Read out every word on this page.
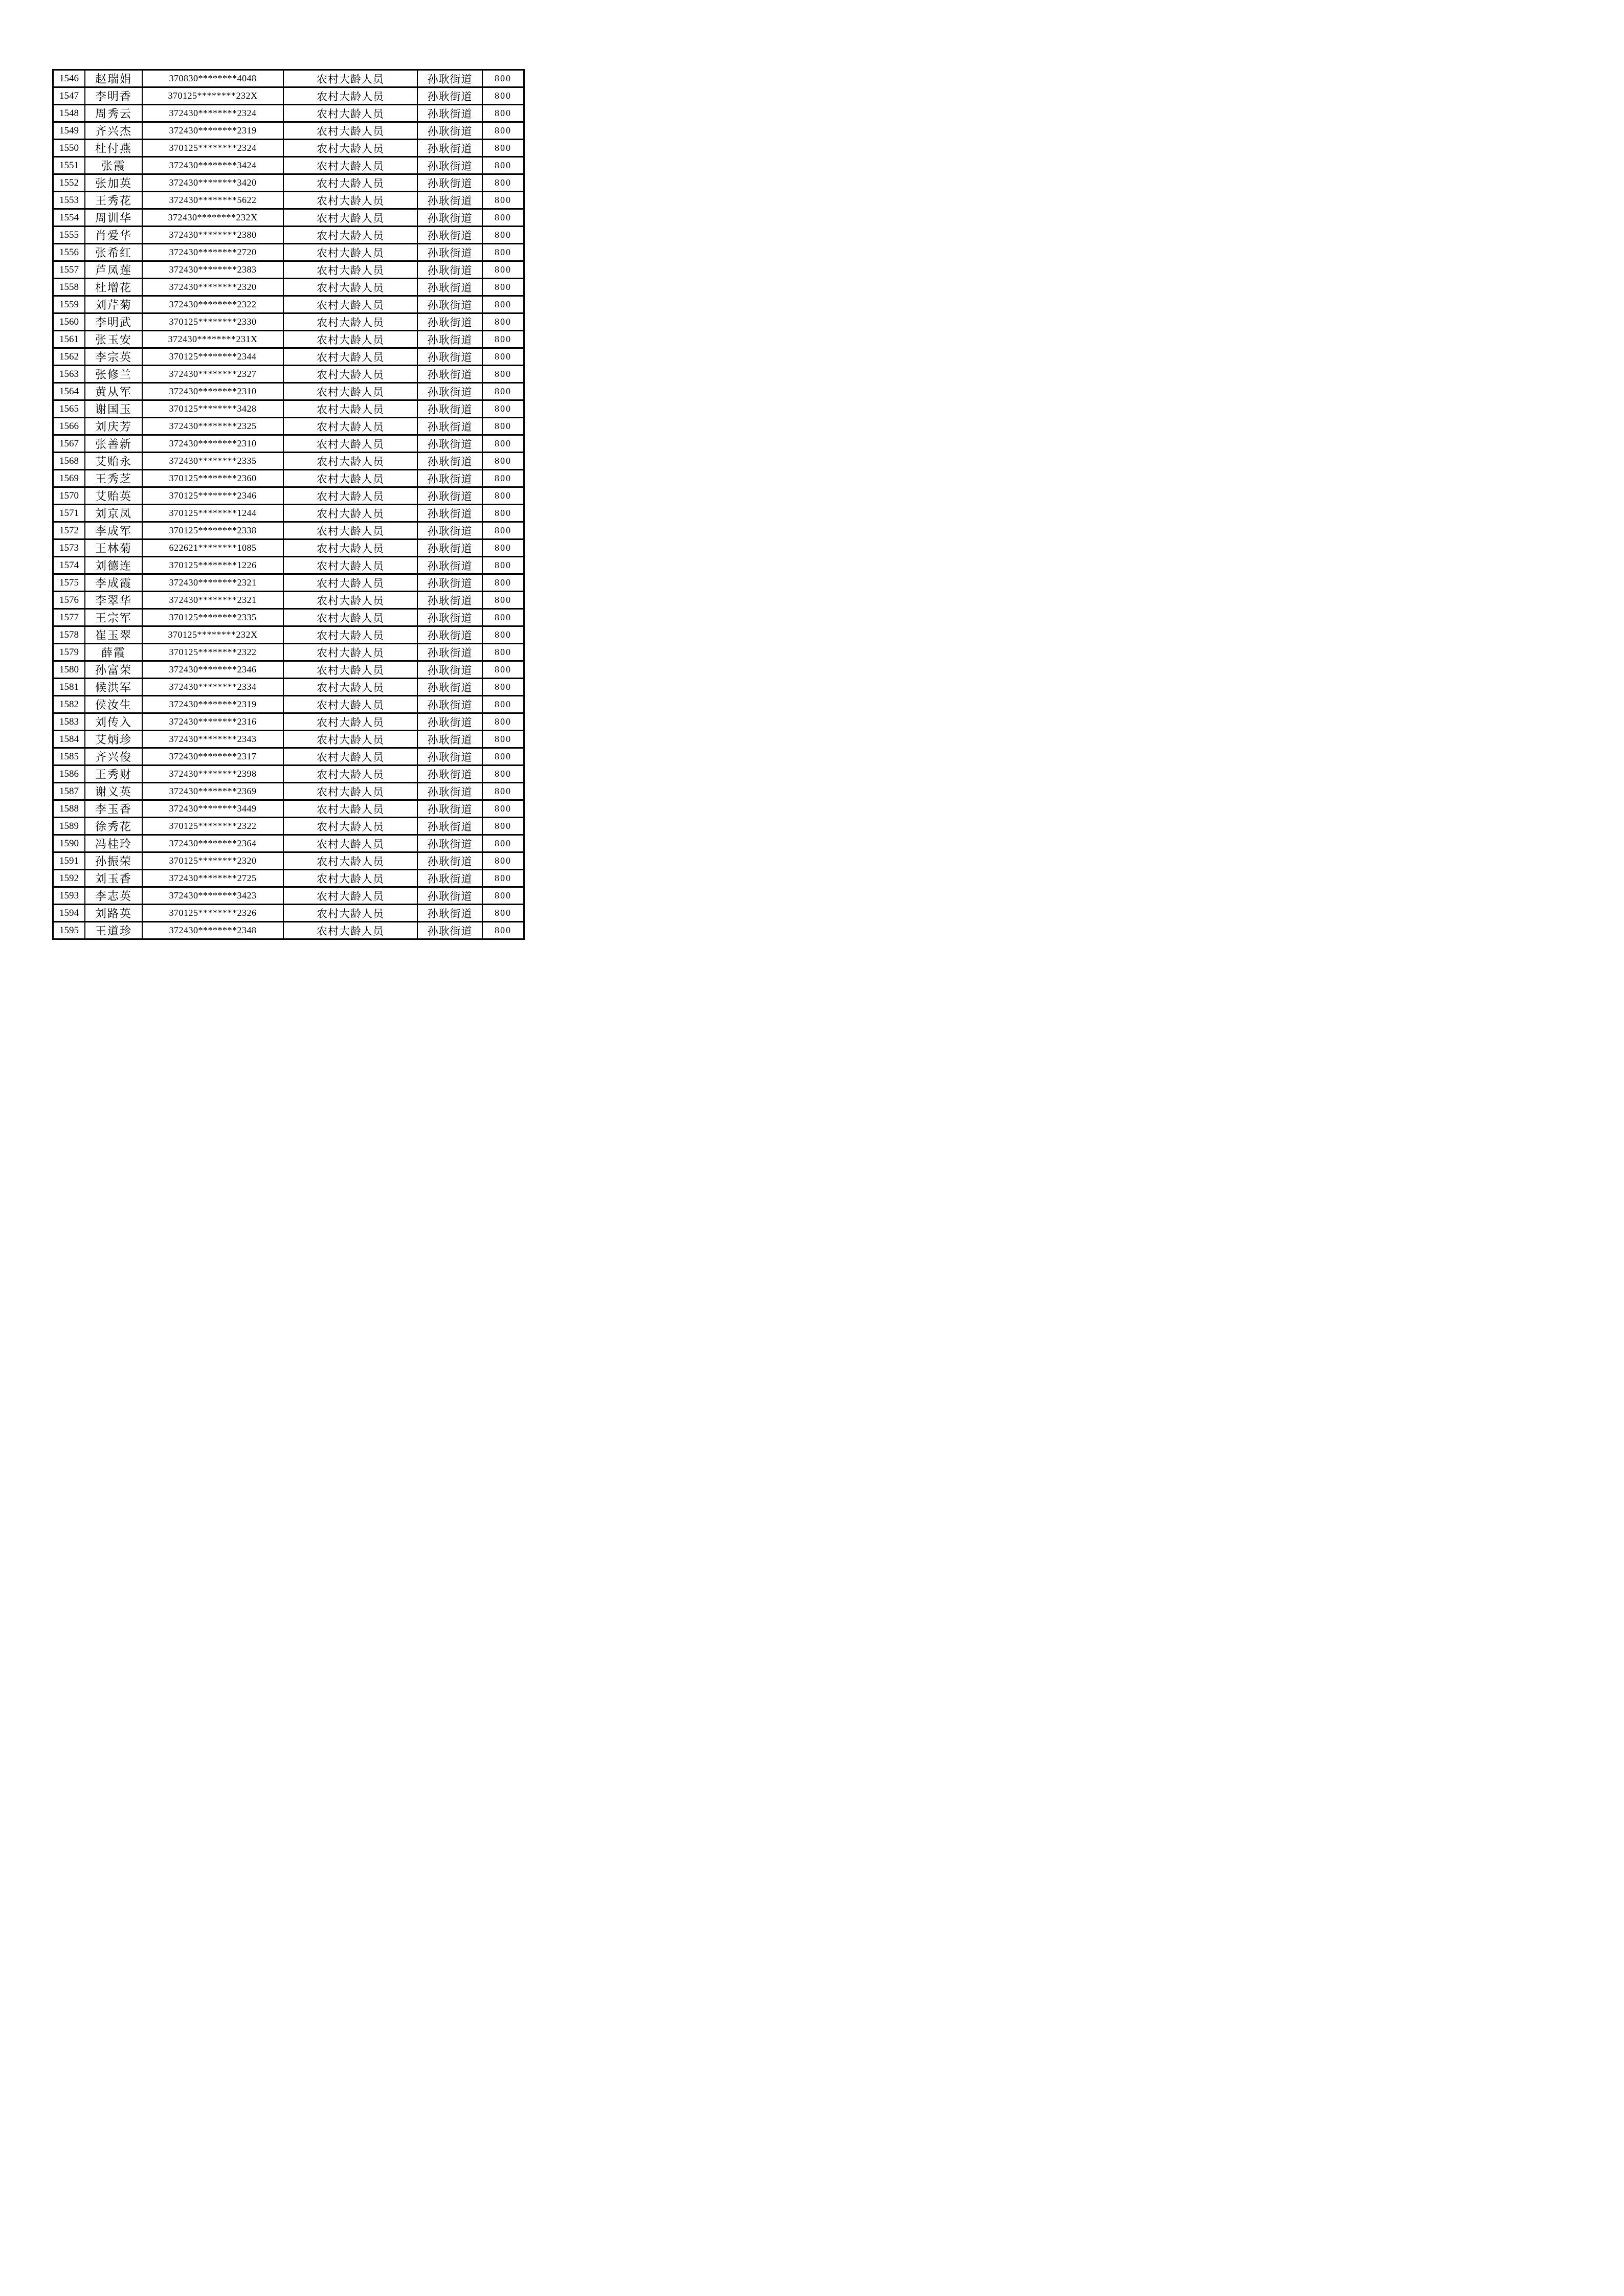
1546	赵瑞娟	370830********4048	农村大龄人员	孙耿街道	800
1547	李明香	370125********232X	农村大龄人员	孙耿街道	800
1548	周秀云	372430********2324	农村大龄人员	孙耿街道	800
1549	齐兴杰	372430********2319	农村大龄人员	孙耿街道	800
1550	杜付燕	370125********2324	农村大龄人员	孙耿街道	800
1551	张霞	372430********3424	农村大龄人员	孙耿街道	800
1552	张加英	372430********3420	农村大龄人员	孙耿街道	800
1553	王秀花	372430********5622	农村大龄人员	孙耿街道	800
1554	周训华	372430********232X	农村大龄人员	孙耿街道	800
1555	肖爱华	372430********2380	农村大龄人员	孙耿街道	800
1556	张希红	372430********2720	农村大龄人员	孙耿街道	800
1557	芦凤莲	372430********2383	农村大龄人员	孙耿街道	800
1558	杜增花	372430********2320	农村大龄人员	孙耿街道	800
1559	刘芹菊	372430********2322	农村大龄人员	孙耿街道	800
1560	李明武	370125********2330	农村大龄人员	孙耿街道	800
1561	张玉安	372430********231X	农村大龄人员	孙耿街道	800
1562	李宗英	370125********2344	农村大龄人员	孙耿街道	800
1563	张修兰	372430********2327	农村大龄人员	孙耿街道	800
1564	黄从军	372430********2310	农村大龄人员	孙耿街道	800
1565	谢国玉	370125********3428	农村大龄人员	孙耿街道	800
1566	刘庆芳	372430********2325	农村大龄人员	孙耿街道	800
1567	张善新	372430********2310	农村大龄人员	孙耿街道	800
1568	艾贻永	372430********2335	农村大龄人员	孙耿街道	800
1569	王秀芝	370125********2360	农村大龄人员	孙耿街道	800
1570	艾贻英	370125********2346	农村大龄人员	孙耿街道	800
1571	刘京凤	370125********1244	农村大龄人员	孙耿街道	800
1572	李成军	370125********2338	农村大龄人员	孙耿街道	800
1573	王林菊	622621********1085	农村大龄人员	孙耿街道	800
1574	刘德连	370125********1226	农村大龄人员	孙耿街道	800
1575	李成霞	372430********2321	农村大龄人员	孙耿街道	800
1576	李翠华	372430********2321	农村大龄人员	孙耿街道	800
1577	王宗军	370125********2335	农村大龄人员	孙耿街道	800
1578	崔玉翠	370125********232X	农村大龄人员	孙耿街道	800
1579	薛霞	370125********2322	农村大龄人员	孙耿街道	800
1580	孙富荣	372430********2346	农村大龄人员	孙耿街道	800
1581	候洪军	372430********2334	农村大龄人员	孙耿街道	800
1582	侯汝生	372430********2319	农村大龄人员	孙耿街道	800
1583	刘传入	372430********2316	农村大龄人员	孙耿街道	800
1584	艾炳珍	372430********2343	农村大龄人员	孙耿街道	800
1585	齐兴俊	372430********2317	农村大龄人员	孙耿街道	800
1586	王秀财	372430********2398	农村大龄人员	孙耿街道	800
1587	谢义英	372430********2369	农村大龄人员	孙耿街道	800
1588	李玉香	372430********3449	农村大龄人员	孙耿街道	800
1589	徐秀花	370125********2322	农村大龄人员	孙耿街道	800
1590	冯桂玲	372430********2364	农村大龄人员	孙耿街道	800
1591	孙振荣	370125********2320	农村大龄人员	孙耿街道	800
1592	刘玉香	372430********2725	农村大龄人员	孙耿街道	800
1593	李志英	372430********3423	农村大龄人员	孙耿街道	800
1594	刘路英	370125********2326	农村大龄人员	孙耿街道	800
1595	王道珍	372430********2348	农村大龄人员	孙耿街道	800
